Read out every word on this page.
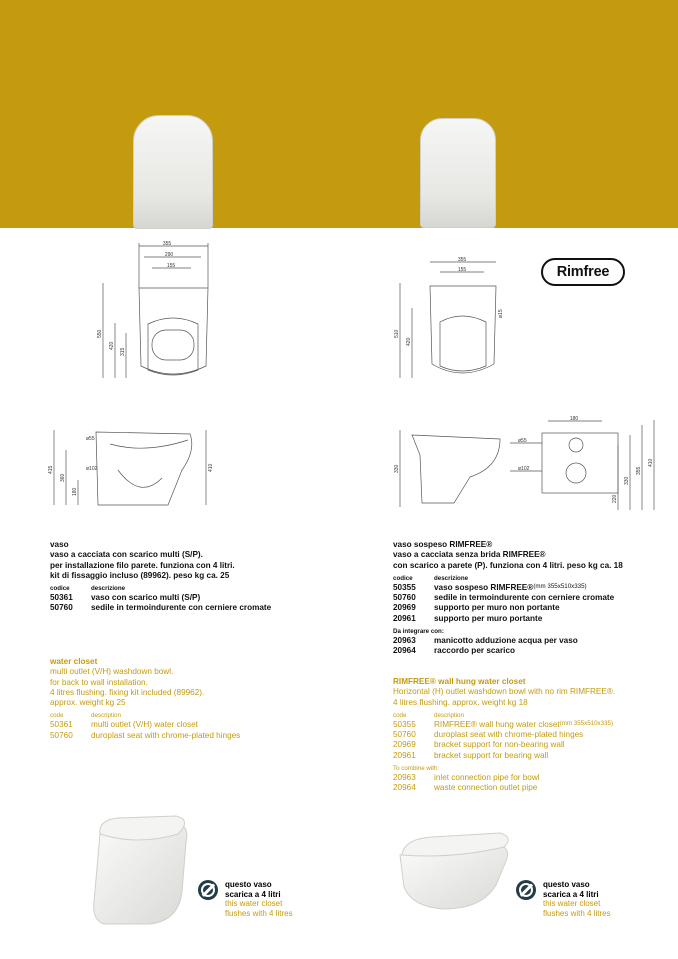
Rimfree
355
290
155
550
420
315
ø55
ø102
415
360
180
410
355
155
ø15
510
420
180
ø55
ø102
330
220
330
355
410
vaso
vaso a cacciata con scarico multi (S/P).
per installazione filo parete. funziona con 4 litri.
kit di fissaggio incluso (89962). peso kg ca. 25
codice	descrizione
50361	vaso con scarico multi (S/P)
50760	sedile in termoindurente con cerniere cromate
water closet
multi outlet (V/H) washdown bowl.
for back to wall installation.
4 litres flushing. fixing kit included (89962).
approx. weight kg 25
code	description
50361	multi outlet (V/H) water closet
50760	duroplast seat with chrome-plated hinges
vaso sospeso RIMFREE®
vaso a cacciata senza brida RIMFREE®
con scarico a parete (P). funziona con 4 litri. peso kg ca. 18
codice	descrizione
50355	vaso sospeso RIMFREE® (mm 355x510x335)
50760	sedile in termoindurente con cerniere cromate
20969	supporto per muro non portante
20961	supporto per muro portante
Da integrare con:
20963	manicotto adduzione acqua per vaso
20964	raccordo per scarico
RIMFREE® wall hung water closet
Horizontal (H) outlet washdown bowl with no rim RIMFREE®.
4 litres flushing. approx. weight kg 18
code	description
50355	RIMFREE® wall hung water closet (mm 355x510x335)
50760	duroplast seat with chrome-plated hinges
20969	bracket support for non-bearing wall
20961	bracket support for bearing wall
To combine with:
20963	inlet connection pipe for bowl
20964	waste connection outlet pipe
questo vaso
scarica a 4 litri
this water closet
flushes with 4 litres
questo vaso
scarica a 4 litri
this water closet
flushes with 4 litres
